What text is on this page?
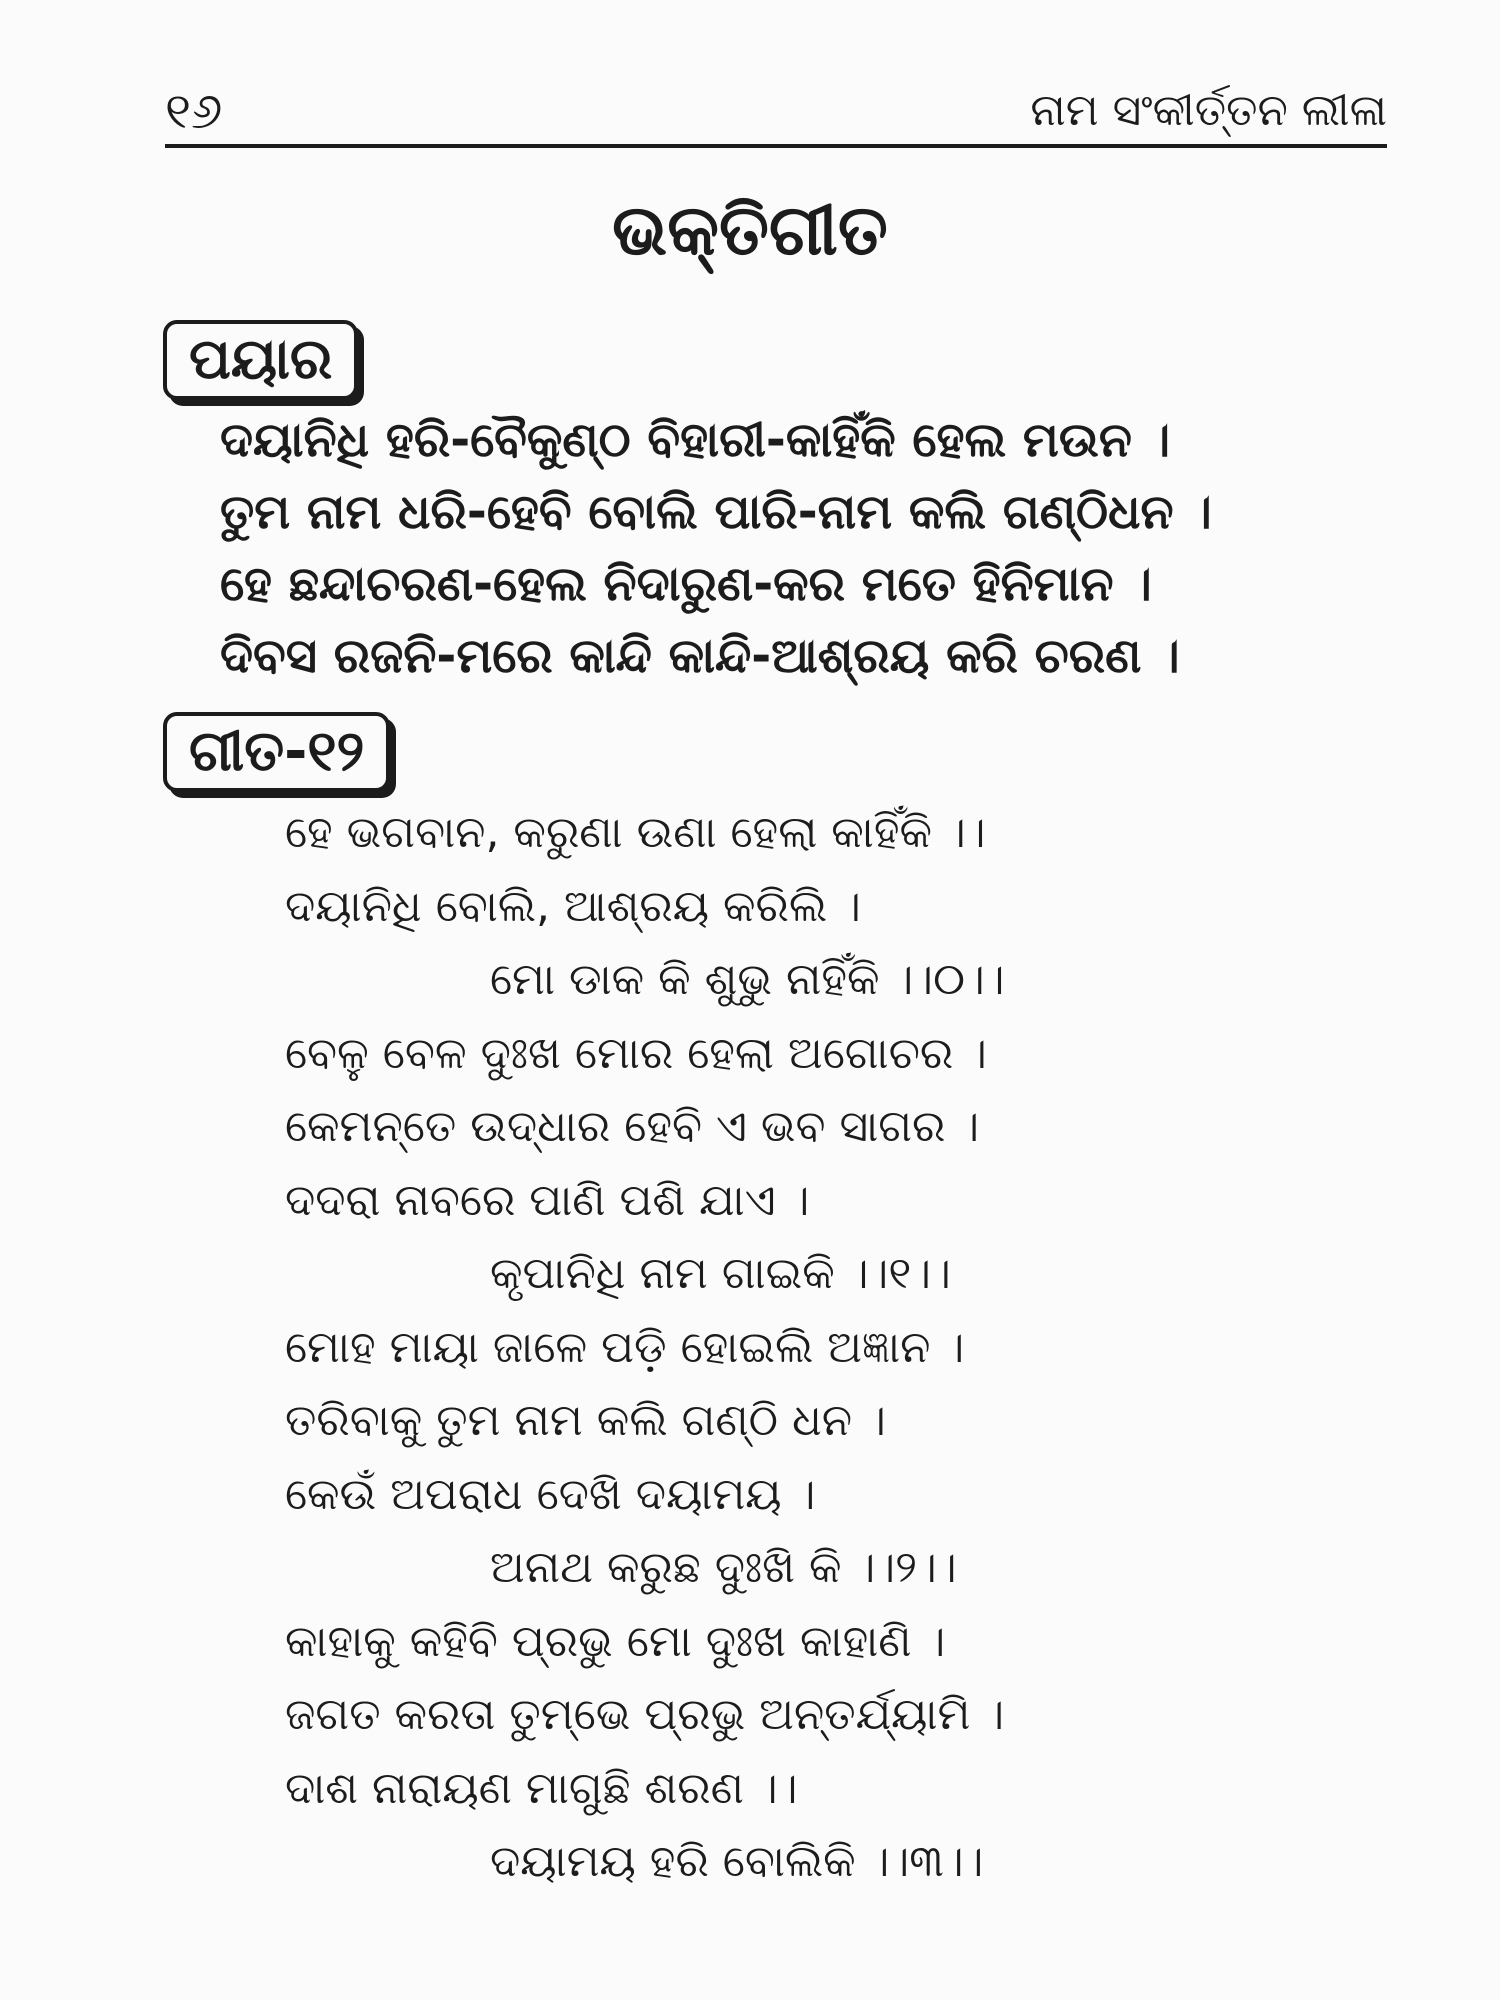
୧୬	ନାମ ସଂକୀର୍ତ୍ତନ ଲୀଳା
ଭକ୍ତିଗୀତ
ପୟାର
ଦୟାନିଧି ହରି-ବୈକୁଣ୍ଠ ବିହାରୀ-କାହିଁକି ହେଲ ମଉନ ।
ତୁମ ନାମ ଧରି-ହେବି ବୋଲି ପାରି-ନାମ କଲି ଗଣ୍ଠିଧନ ।
ହେ ଛନ୍ଦାଚରଣ-ହେଲ ନିଦାରୁଣ-କର ମତେ ହିନିମାନ ।
ଦିବସ ରଜନି-ମରେ କାନ୍ଦି କାନ୍ଦି-ଆଶ୍ରୟ କରି ଚରଣ ।
ଗୀତ-୧୨
ହେ ଭଗବାନ, କରୁଣା ଉଣା ହେଲା କାହିଁକି ।।
ଦୟାନିଧି ବୋଲି, ଆଶ୍ରୟ କରିଲି ।
ମୋ ଡାକ କି ଶୁଭୁ ନାହିଁକି ।।୦।।
ବେଳୁ ବେଳ ଦୁଃଖ ମୋର ହେଲା ଅଗୋଚର ।
କେମନ୍ତେ ଉଦ୍ଧାର ହେବି ଏ ଭବ ସାଗର ।
ଦଦରା ନାବରେ ପାଣି ପଶି ଯାଏ ।
କୃପାନିଧି ନାମ ଗାଇକି ।।୧।।
ମୋହ ମାୟା ଜାଳେ ପଡ଼ି ହୋଇଲି ଅଜ୍ଞାନ ।
ତରିବାକୁ ତୁମ ନାମ କଲି ଗଣ୍ଠି ଧନ ।
କେଉଁ ଅପରାଧ ଦେଖି ଦୟାମୟ ।
ଅନାଥ କରୁଛ ଦୁଃଖି କି ।।୨।।
କାହାକୁ କହିବି ପ୍ରଭୁ ମୋ ଦୁଃଖ କାହାଣି ।
ଜଗତ କରତା ତୁମ୍ଭେ ପ୍ରଭୁ ଅନ୍ତର୍ଯ୍ୟାମି ।
ଦାଶ ନାରାୟଣ ମାଗୁଛି ଶରଣ ।।
ଦୟାମୟ ହରି ବୋଲିକି ।।୩।।
